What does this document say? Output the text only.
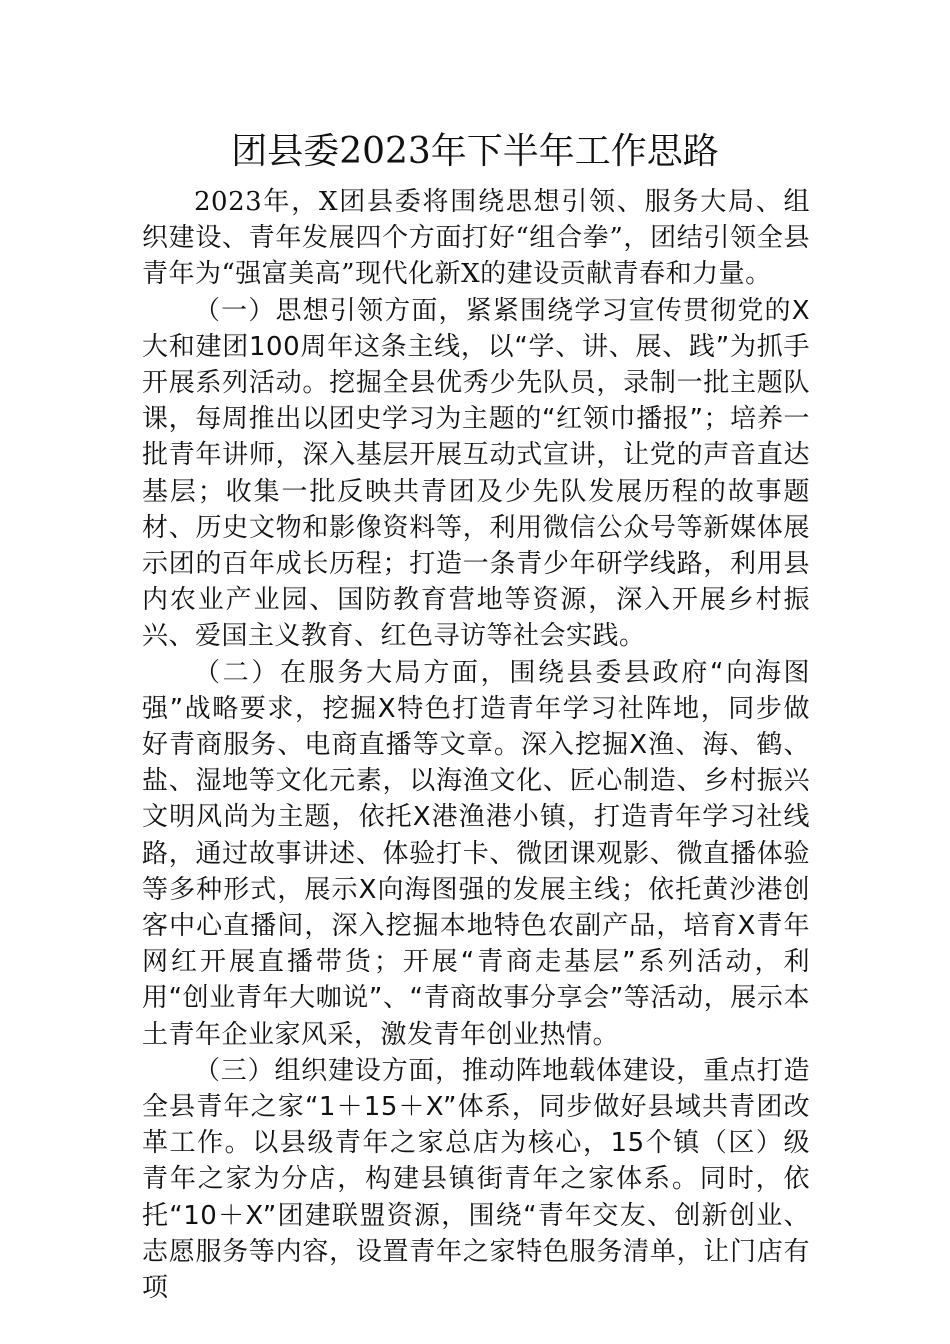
团县委2023年下半年工作思路

2023年，X团县委将围绕思想引领、服务大局、组织建设、青年发展四个方面打好“组合拳”，团结引领全县青年为“强富美高”现代化新X的建设贡献青春和力量。

（一）思想引领方面，紧紧围绕学习宣传贯彻党的X大和建团100周年这条主线，以“学、讲、展、践”为抓手开展系列活动。挖掘全县优秀少先队员，录制一批主题队课，每周推出以团史学习为主题的“红领巾播报”；培养一批青年讲师，深入基层开展互动式宣讲，让党的声音直达基层；收集一批反映共青团及少先队发展历程的故事题材、历史文物和影像资料等，利用微信公众号等新媒体展示团的百年成长历程；打造一条青少年研学线路，利用县内农业产业园、国防教育营地等资源，深入开展乡村振兴、爱国主义教育、红色寻访等社会实践。

（二）在服务大局方面，围绕县委县政府“向海图强”战略要求，挖掘X特色打造青年学习社阵地，同步做好青商服务、电商直播等文章。深入挖掘X渔、海、鹤、盐、湿地等文化元素，以海渔文化、匠心制造、乡村振兴文明风尚为主题，依托X港渔港小镇，打造青年学习社线路，通过故事讲述、体验打卡、微团课观影、微直播体验等多种形式，展示X向海图强的发展主线；依托黄沙港创客中心直播间，深入挖掘本地特色农副产品，培育X青年网红开展直播带货；开展“青商走基层”系列活动，利用“创业青年大咖说”、“青商故事分享会”等活动，展示本土青年企业家风采，激发青年创业热情。

（三）组织建设方面，推动阵地载体建设，重点打造全县青年之家“1＋15＋X”体系，同步做好县域共青团改革工作。以县级青年之家总店为核心，15个镇（区）级青年之家为分店，构建县镇街青年之家体系。同时，依托“10＋X”团建联盟资源，围绕“青年交友、创新创业、志愿服务等内容，设置青年之家特色服务清单，让门店有项
